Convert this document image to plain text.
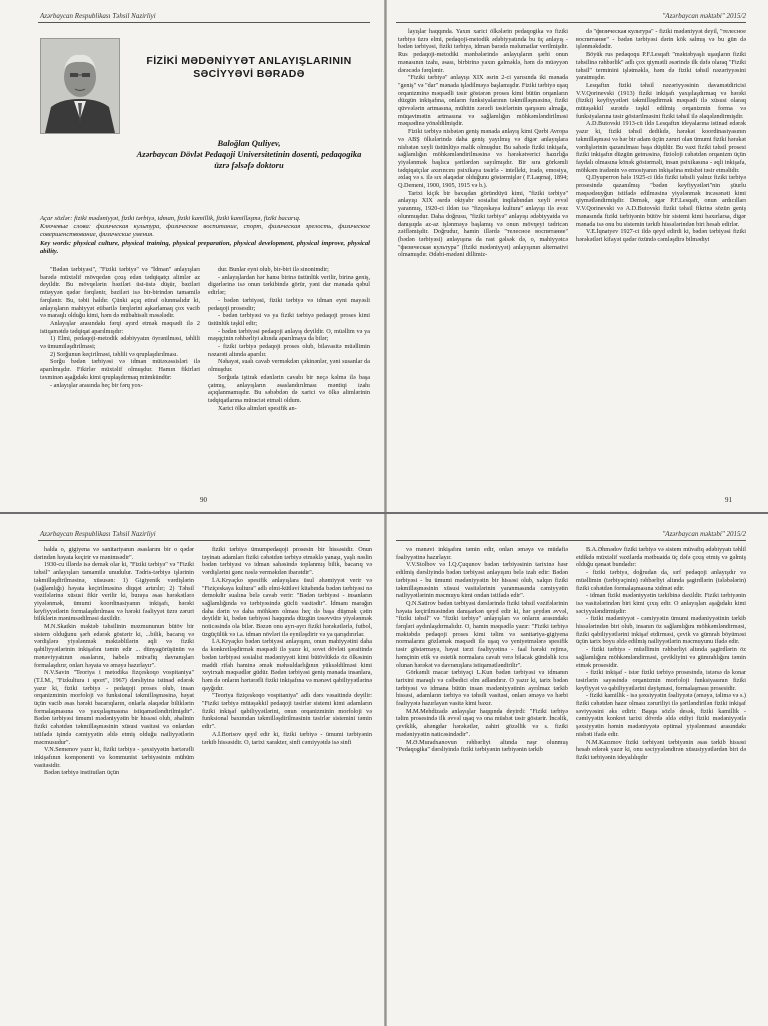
Azərbaycan Respublikası Təhsil Nazirliyi
FİZİKİ MƏDƏNİYYƏT ANLAYIŞLARININ SƏCİYYƏVİ BƏRADƏ
Baloğlan Quliyev,
Azərbaycan Dövlət Pedaqoji Universitetinin dosenti, pedaqogika üzrə fəlsəfə doktoru
Açar sözlər: fiziki mədəniyyət, fiziki tərbiyə, idman, fiziki kamillik, fiziki kamilləşmə, fiziki bacarıq.
Ключевые слова: физическая культура, физическое воспитание, спорт, физическая зрелость, физическое совершенствование, физические умения.
Key words: physical culture, physical training, physical preparation, physical development, physical improve, physical ability.

"Bədən tərbiyəsi", "Fiziki tərbiyə" və "İdman" anlayışları barədə müxtəlif mövqedən çıxış edən tədqiqatçı alimlər az deyildir. Bu mövqelərin bəziləri üst-üstə düşür, bəziləri müəyyən qədər fərqlənir, bəziləri isə bir-birindən tamamilə fərqlənir. Bu, təbii haldır. Çünki açıq etiraf olunmalıdır ki, anlayışların mahiyyət etibarilə fərqlərini aşkarlamaq çox vacib və maraqlı olduğu kimi, həm də mübahisəli məsələdir.

Anlayışlar arasındakı fərqi ayırd etmək məqsədi ilə 2 istiqamətdə tədqiqat aparılmışdır:

1) Elmi, pedaqoji-metodik ədəbiyyatın öyrənilməsi, təhlili və ümumiləşdirilməsi;

2) Sorğunun keçirilməsi, təhlili və qruplaşdırılması.

Sorğu bədən tərbiyəsi və idman mütəxəssisləri ilə aparılmışdır. Fikirlər müxtəlif olmuşdur. Hamın fikirləri təxminən aşağıdakı kimi qruplaşdırmaq mümkündür:

- anlayışlar arasında heç bir fərq yox-

dur. Bunlar eyni olub, bir-biri ilə sinonimdir;

- anlayışlardan hər hansı birinə üstünlük verilir, birinə geniş, digərlərinə isə onun tərkibində görür, yəni dar mənada qəbul edirlər;

- bədən tərbiyəsi, fiziki tərbiyə və idman eyni mayəsli pedaqoji prosesdir;

- bədən tərbiyəsi və ya fiziki tərbiyə pedaqoji proses kimi üstünlük təşkil edir;

- bədən tərbiyəsi pedaqoji anlayış deyildir. O, müəllim və ya məşqçinin rəhbərliyi altında aparılmaya da bilər;

- fiziki tərbiyə pedaqoji proses olub, bilavasitə müəllimin nəzarəti altında aparılır.

Nəhayət, sualı cavab verməkdən çəkinənlər, yəni susanlar da olmuşdur.

Sorğuda iştirak edənlərin cavabı bir neçə kəlmə ilə başa çatmış, anlayışların əsaslandırılması məntiqi izahı açıqlanmamışdır. Bu səbəbdən də xarici və ölkə alimlərinin tədqiqatlarına müraciət etməli oldum.

Xarici ölkə alimləri spesifik an-

90
"Azərbaycan məktəbi" 2015/2

layışlar haqqında. Yaxın xarici ölkələrin pedaqogika və fiziki tərbiyə üzrə elmi, pedaqoji-metodik ədəbiyyatında bu üç anlayış - bədən tərbiyəsi, fiziki tərbiyə, idman barədə məlumatlar verilmişdir. Rus pedaqoji-metodiki mənbələrində anlayışların şərhi onun mənasının izahı, əsası, birbirinə yaxın gəlməklə, həm də müəyyən dərəcədə fərqlənir.

"Fiziki tərbiyə" anlayışı XIX əsrin 2-ci yarısında iki mənada "geniş" və "dar" mənada işlədilməyə başlamışdır. Fiziki tərbiyə uşaq orqanizminə məqsədli təsir göstərən proses kimi bütün orqanların düzgün inkişafına, onların funksiyalarının təkmilləşməsinə, fiziki qüvvələrin artmasına, mühitin zərərli təsirlərinin qarşısını almağa, müqavimətin artmasına və sağlamlığın möhkəmləndirilməsi məqsədinə yönəldilmişdir.

Fiziki tərbiyə nisbətən geniş mənada anlayış kimi Qərbi Avropa və ABŞ ölkələrində daha geniş yayılmış və digər anlayışlara nisbətən xeyli üstünlüyə malik olmuşdur. Bu sahədə fiziki inkişafa, sağlamlığın möhkəmləndirilməsinə və hərəkətverici hazırlığa yiyələnmək başlıca şərtlərdən sayılmışdır. Bir sıra görkəmli tədqiqatçılar axırıncını psixikaya təsirlə - intellekt, iradə, emosiya, əxlaq və s. ilə sıx əlaqədar olduğunu göstərmişlər ( F.Laqrnaj, 1894; Q.Demeni, 1900, 1905, 1915 və b.).

Tarixi kiçik bir baxışdan göründüyü kimi, "fiziki tərbiyə" anlayışı XIX əsrdə oktyabr sosialist inqilabından xeyli əvvəl yaranmış, 1920-ci ildən isə "fizçeskaya kultura" anlayışı ilə əvəz olunmuşdur. Daha doğrusu, "fiziki tərbiyə" anlayışı ədəbiyyatda və danışıqda az-az işlənməyə başlamış və onun mövqeyi tədricən zəifləmişdir. Doğrudur, hamin illərdə "телесное воспитание" (bədən tərbiyəsi) anlayışına da rast gəlsək də, o, mahiyyətcə "физическая культура" (fiziki mədəniyyət) anlayışının alternativi olmamışdır. Ədəbi-mədəni dillimiz-

də "физическая культура" - fiziki mədəniyyət deyil, "телесное воспитание" - bədən tərbiyəsi dərin kök salmış və bu gün də işlənməkdədir.

Böyük rus pedaqoqu P.F.Lesqaft "məktəbyaşlı uşaqların fiziki təhsilinə rəhbərlik" adlı çox qiymətli əsərində ilk dəfə olaraq "Fiziki təhsil" terminini işlətməklə, həm də fiziki təhsil nəzəriyyəsini yaratmışdır.

Lesqaftın fiziki təhsil nəzəriyyəsinin davamətdiricisi V.V.Qorinevski (1913) fiziki inkişafı yaxşılaşdırmaq və hərəki (fiziki) keyfiyyətləri təkmilləşdirmək məqsədi ilə xüsusi olaraq mütəşəkkil surətdə təşkil edilmiş orqanizmin forma və funksiyalarına təsir göstərilməsini fiziki təhsil ilə əlaqələndirmişdir.

A.D.Butovski 1913-cü ildə Lesqaftın ideyalarına istinad edərək yazır ki, fiziki təhsil dedikdə, hərəkət koordinasiyasının təkmilləşməsi və hər bir adam üçün zəruri olan ümumi fiziki hərəkət vərdişlərinin qazanılması başa düşülür. Bu vaxt fiziki təhsil prosesi fiziki inkişafın düzgün getməsinə, fizioloji cəhətdən orqanizm üçün faydalı olmasına könək göstərməli, insan psixikasına - əqli inkişafa, möhkəm iradənin və emosiyanın inkişafına müsbət təsir etməlidir.

Q.Dyuperron hələ 1925-ci ildə fiziki təhsili yalnız fiziki tərbiyə prosesində qazanılmış "bədən keyfiyyətləri"nin şüurlu məqsədəuyğun istifadə edilməsinə yiyələnmək incəsənəti kimi qiymətləndirmişdir. Demək, əgər P.F.Lesqaft, onun ardıcılları V.V.Qorinevski və A.D.Butovski fiziki təhsil fikrinə sözün geniş mənasında fiziki tərbiyənin bütöv bir sistemi kimi baxırlarsa, digər mənada isə onu bu sistemin tərkib hissələrindən biri hesab edirlər.

V.E.İqnatyev 1927-ci ildə qeyd edirdi ki, bədən tərbiyəsi fiziki hərəkətləri kifayət qədər özündə cəmləşdirə bilmədiyi

91
Azərbaycan Respublikası Təhsil Nazirliyi

halda o, gigiyena və sanitariyanın əsaslarını bir o qədər dərindən həyata keçirir və mənimsədir".

1930-cu illərdə isə demək olar ki, "Fiziki tərbiyə" və "Fiziki təhsil" anlayışları tamamilə unudulur. Tədris-tərbiyə işlərinin təkmilləşdirilməsinə, xüsusən: 1) Gigiyenik vərdişlərin (sağlamlığı) həyata keçirilməsinə diqqət artırılır; 2) Təhsil vəzifələrinə xüsusi fikir verilir ki, buraya əsas hərəkətlərə yiyələnmək, ümumi koordinasiyanın inkişafı, hərəki keyfiyyətlərin formalaşdırılması və hərəki fəaliyyət üzrə zəruri biliklərin mənimsədilməsi daxildir.

M.N.Skatkin məktəb təhsilinin məzmununun bütöv bir sistem olduğunu şərh edərək göstərir ki, ...bilik, bacarıq və vərdişlərə yiyələnmək məktəblilərin əqli və fiziki qabiliyyətlərinin inkişafını təmin edir ... dünyagörüşünün və mənəviyyatının əsaslarını, habelə müvafiq davranışları formalaşdırır, onları həyata və əməyə hazırlayır".

N.V.Savin "Teoriya i metodika fizçeskoqo vospitaniya" (T.İ.M., "Fizkultura i sport", 1967) dərsliyinə istinad edərək yazır ki, fiziki tərbiyə - pedaqoji proses olub, insan orqanizminin morfoloji və funksional təkmilləşməsinə, həyat üçün vacib əsas hərəki bacarıqların, onlarla əlaqədar biliklərin formalaşmasına və yaxşılaşmasına istiqamətləndirilmişdir". Bədən tərbiyəsi ümumi mədəniyyətin bir hissəsi olub, əhalinin fiziki cəhətdən təkmilləşməsinin xüsusi vasitəsi və onlardan istifadə işində cəmiyyətin əldə etmiş olduğu nailiyyətlərin məcmusudur".

V.N.Semenov yazır ki, fiziki tərbiyə - şəxsiyyətin hərtərəfli inkişafının komponenti və kommunist tərbiyəsinin mühüm vasitəsidir.

Bədən tərbiyə institutları üçün

fiziki tərbiyə ümumpedaqoji prosesin bir hissəsidir. Onun təyinatı adamları fiziki cəhətdən tərbiyə etməklə yanaşı, yaşlı nəslin bədən tərbiyəsi və idman sahəsində toplanmış bilik, bacarıq və vərdişlərini gənc nəslə verməkdən ibarətdir".

İ.A.Kryaçko spesifik anlayışlara üsul əhəmiyyət verir və "Fiziçeskaya kultura" adlı elmi-kütləvi kitabında bədən tərbiyəsi nə demokdir sualına belə cavab verir: "Bədən tərbiyəsi - insanların sağlamlığında və tərbiyəsində güclü vasitədir". İdmanı marağın daha dərin və daha möhkəm olması heç də başa düşmək çətin deyildir ki, bədən tərbiyəsi haqqında düzgün təsəvvürə yiyələnmək noticəsində ola bilər. Bəzən onu ayrı-ayrı fiziki hərəkətlərlə, futbol, üzgüçülük və i.a. idman növləri ilə eyniləşdirir və ya qarışdırırlar.

İ.A.Kryaçko bədən tərbiyəsi anlayışını, onun mahiyyətini daha da konkretləşdirmək məqsədi ilə yazır ki, sovet dövləti şəraitində bədən tərbiyəsi sosialist mədəniyyəti kimi bütövlükdə öz ölkəsinin maddi rifah haminə əmək məhsuldarlığının yüksəldilməsi kimi xeyirxah məqsədlər güdür. Bədən tərbiyəsi geniş mənada insanlara, həm də onların hərtərəfli fiziki inkişafına və mənəvi qabiliyyətlərinə qayğıdır.

"Teoriya fiziçeskoqo vospitaniya" adlı dərs vəsaitində deyilir: "Fiziki tərbiyə mütəşəkkil pedaqoji təsirlər sistemi kimi adamların fiziki inkişaf qabiliyyətlərini, onun orqanizminin morfoloji və funksional baxımdan təkmilləşdirilməsinin təsirlər sistemini təmin edir".

A.İ.Borisov qeyd edir ki, fiziki tərbiyə - ümumi tərbiyənin tərkib hissəsidir. O, tarixi xarakter, sinfi cəmiyyətdə isə sinfi

"Azərbaycan məktəbi" 2015/2

və mənəvi inkişafını təmin edir, onları əməyə və müdafiə fəaliyyətinə hazırlayır.

V.V.Stolbov və İ.Q.Çuqunov bədən tərbiyəsinin tarixinə həsr edilmiş dərsliyində bədən tərbiyəsi anlayışını belə izah edir: Bədən tərbiyəsi - bu ümumi mədəniyyətin bir hissəsi olub, xalqın fiziki təkmilləşməsinin xüsusi vasitələrinin yaranmasında cəmiyyətin nailiyyətlərinin məcmuyu kimi ondan istifadə edir".

Q.N.Satirov bədən tərbiyəsi dərslərində fiziki təhsil vəzifələrinin həyata keçirilməsindən danışarkən qeyd edir ki, hər şeydən əvvəl, "fiziki təhsil" və "fiziki tərbiyə" anlayışları və onların arasındakı fərqləri aydınlaşdırmalıdır. O, hamin məqsədlə yazır: "Fiziki tərbiyə məktəbdə pedaqoji proses kimi təlim və sanitariya-gigiyena normalarını gözləmək məqsədi ilə uşaq və yeniyetmələrə spesifik təsir göstərməyə, həyat tərzi fəaliyyətinə - faal hərəki rejimə, həmçinin etik və estetik normalara cavab verə bilacak gündəlik icra olunan hərəkət və davranışlara istiqamətləndirilir".

Görkəmli macar tərbiyəçi L.Kun bədən tərbiyəsi və idmanın tarixini maraqlı və cəlbedici elm adlandırır. O yazır ki, tarix bədən tərbiyəsi və idmana bütün insan mədəniyyətinin ayrılmaz tərkib hissəsi, adamların tərbiyə və təhsili vasitəsi, onları əməyə və hərbi fəaliyyətə hazırlayan vasitə kimi baxır.

M.M.Mehdizadə anlayışlar haqqında deyirdi: "Fiziki tərbiyə təlim prosesində ilk əvvəl uşaq və ona müsbət təsir göstərir. İncəlik, çeviklik, ahəngdar hərəkətlər, zahiri gözəllik və s. fiziki mədəniyyətin naticəsindədir".

M.Ə.Muradxanovun rəhbərliyi altında nəşr olunmuş "Pedaqogika" dərsliyində fiziki tərbiyənin tərbiyənin tərkib

B.A.Əhmədov fiziki tərbiyə və sistem müvafiq ədəbiyyatı təhlil etdikdə müxtəlif vaxtlarda mətbuatda üç dəfə çıxış etmiş və gəlmiş olduğu qənaət bundadır:

- fiziki tərbiyə, doğrudan da, sırf pedaqoji anlayışdır və müəllimin (tərbiyəçinin) rəhbərliyi altında şagirdlərin (tələbələrin) fiziki cəhətdən formalaşmasına xidmət edir.

- idman fiziki mədəniyyətin tərkibinə daxildir. Fiziki tərbiyənin isə vasitələrindən biri kimi çıxış edir. O anlayışları aşağıdakı kimi səciyyələndirmişdir:

- fiziki mədəniyyət - cəmiyyətin ümumi mədəniyyətinin tərkib hissələrindən biri olub, insanın öz sağlamlığını möhkəmləndirməsi, fiziki qabiliyyətlərini inkişaf etdirməsi, çevik və gümrah böyüməsi üçün tarix boyu əldə edilmiş nailiyyətlərin məcmuyunu ifadə edir.

- fiziki tərbiyə - müəllimin rəhbərliyi altında şagirdlərin öz sağlamlığını möhkəmləndirməsi, çevikliyini və gümrahlığını təmin etmək prosesidir.

- fiziki inkişaf - istər fiziki tərbiyə prosesində, istərsə də konar təsirlərin sayəsində orqanizmin morfoloji funksiyasının fiziki keyfiyyət və qabiliyyətlərini dəyişməsi, formalaşması prosesidir.

- fiziki kamillik - isə şəxsiyyətin fəaliyyətə (əməyə, təlimə və s.) fiziki cəhətdən hazır olması zəruriliyi ilə şərtləndirilən fiziki inkişaf səviyyəsini əks edirir. Başqa sözlə desək, fiziki kamillik - cəmiyyətin konkret tarixi dövrdə əldə etdiyi fiziki mədəniyyətlə şəxsiyyətin həmin mədəniyyətə optimal yiyələnməsi arasındakı nisbəti ifadə edir.

N.M.Kazımov fiziki tərbiyəni tərbiyənin əsas tərkib hissəsi hesab edərək yazır ki, onu səciyyələndirən xüsusiyyətlərdən biri də fiziki tərbiyənin ideyalılıqdır
